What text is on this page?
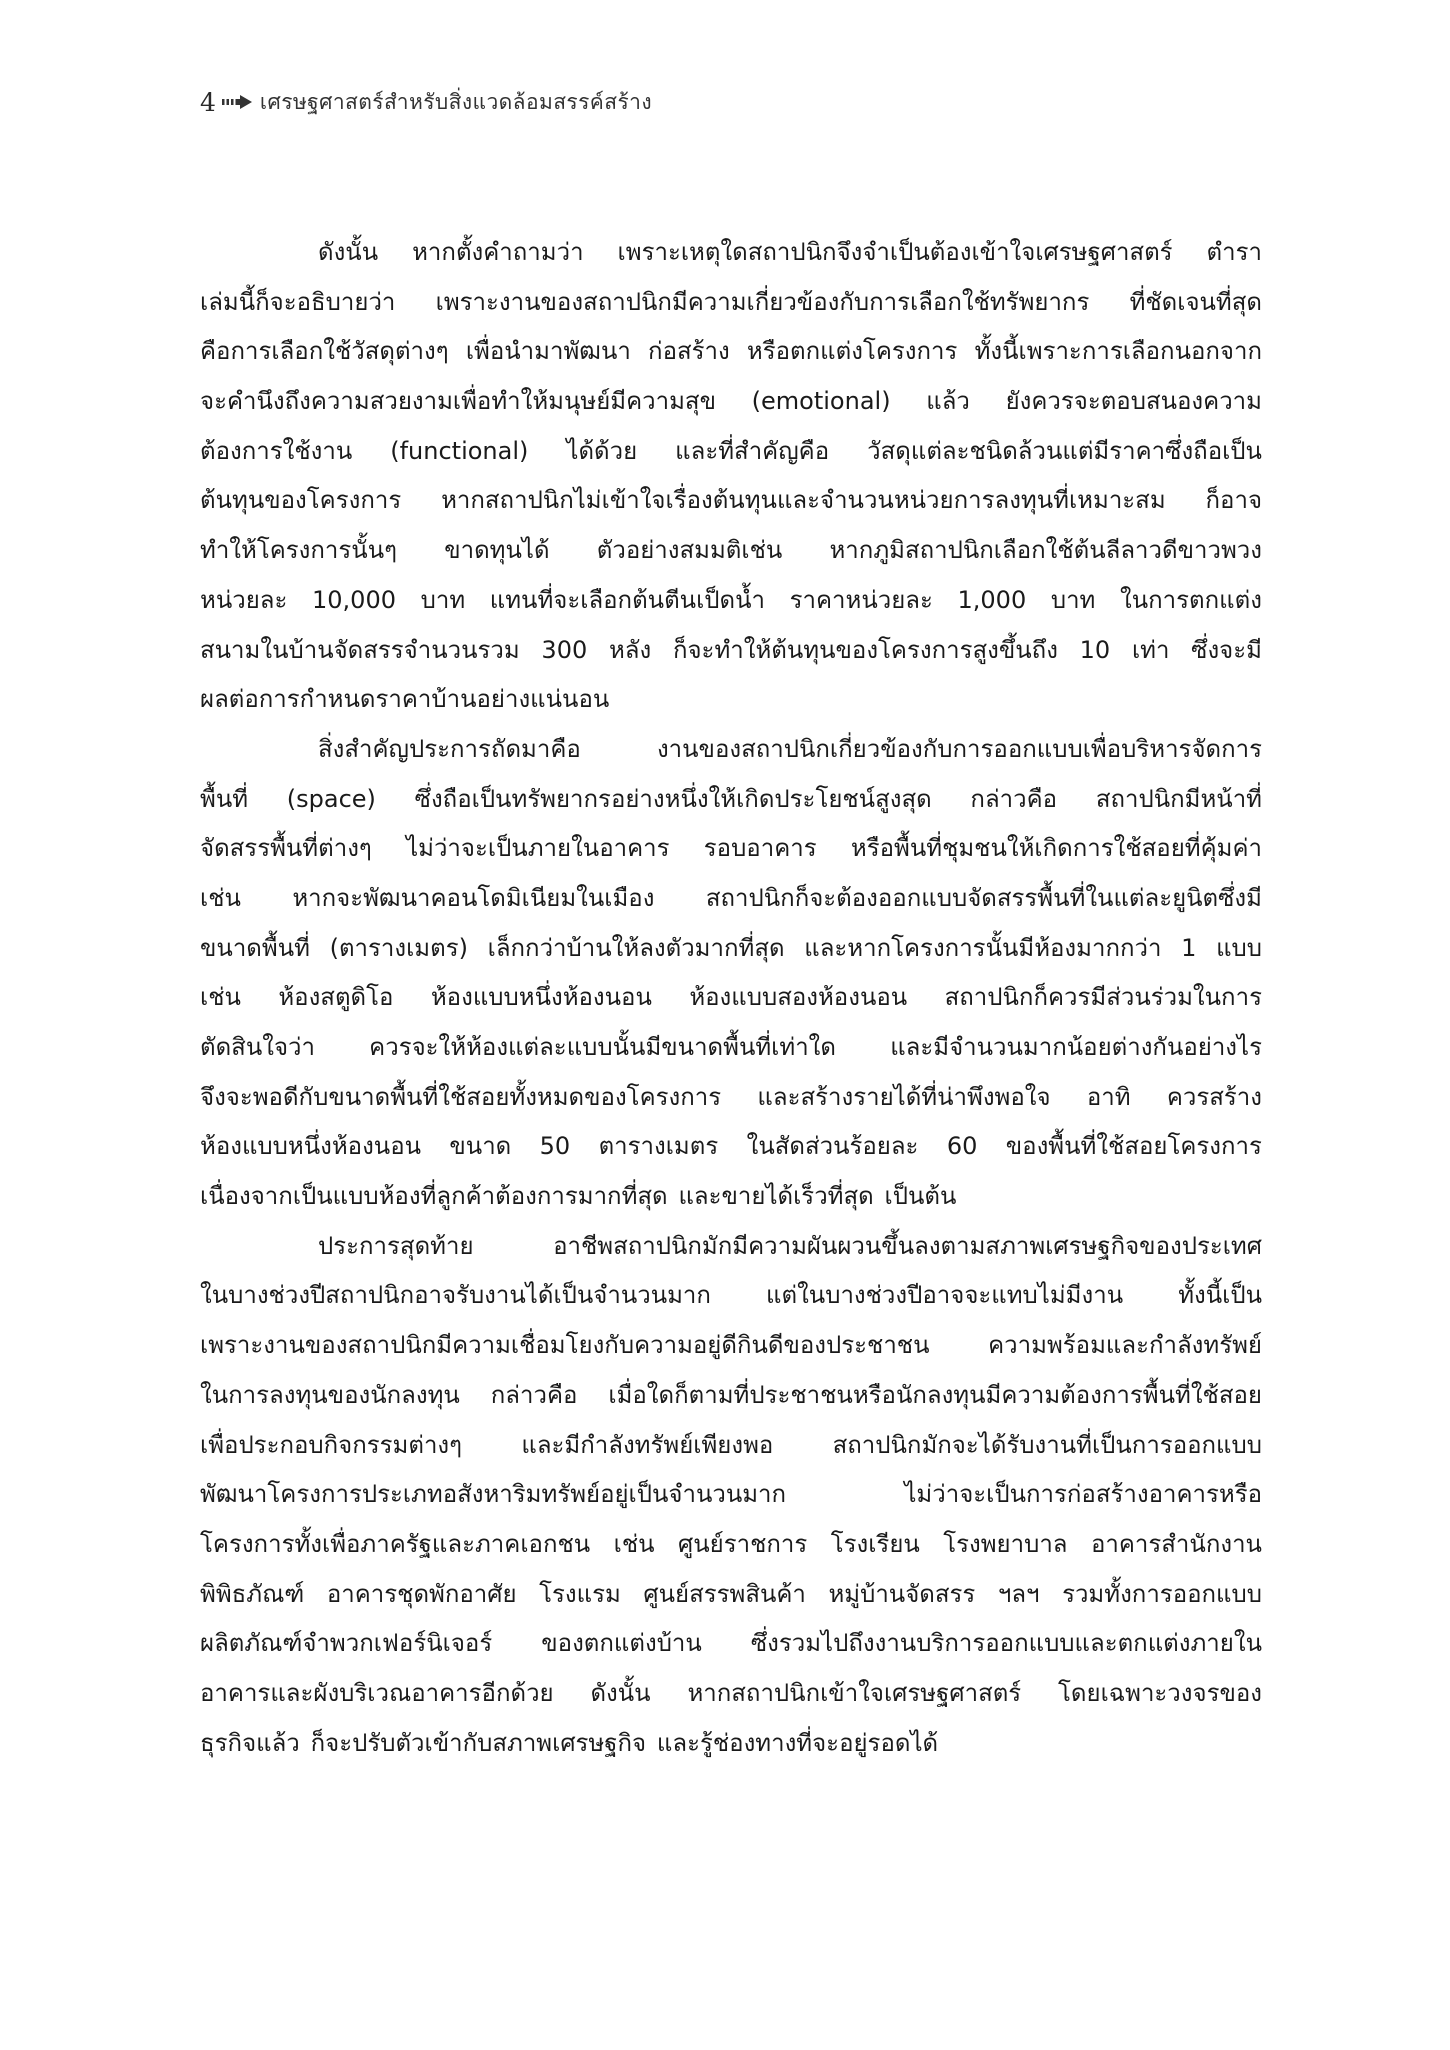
4 เศรษฐศาสตร์สำหรับสิ่งแวดล้อมสรรค์สร้าง
ดังนั้น หากตั้งคำถามว่า เพราะเหตุใดสถาปนิกจึงจำเป็นต้องเข้าใจเศรษฐศาสตร์ ตำรา
เล่มนี้ก็จะอธิบายว่า เพราะงานของสถาปนิกมีความเกี่ยวข้องกับการเลือกใช้ทรัพยากร ที่ชัดเจนที่สุด
คือการเลือกใช้วัสดุต่างๆ เพื่อนำมาพัฒนา ก่อสร้าง หรือตกแต่งโครงการ ทั้งนี้เพราะการเลือกนอกจาก
จะคำนึงถึงความสวยงามเพื่อทำให้มนุษย์มีความสุข (emotional) แล้ว ยังควรจะตอบสนองความ
ต้องการใช้งาน (functional) ได้ด้วย และที่สำคัญคือ วัสดุแต่ละชนิดล้วนแต่มีราคาซึ่งถือเป็น
ต้นทุนของโครงการ หากสถาปนิกไม่เข้าใจเรื่องต้นทุนและจำนวนหน่วยการลงทุนที่เหมาะสม ก็อาจ
ทำให้โครงการนั้นๆ ขาดทุนได้ ตัวอย่างสมมติเช่น หากภูมิสถาปนิกเลือกใช้ต้นลีลาวดีขาวพวง
หน่วยละ 10,000 บาท แทนที่จะเลือกต้นตีนเป็ดน้ำ ราคาหน่วยละ 1,000 บาท ในการตกแต่ง
สนามในบ้านจัดสรรจำนวนรวม 300 หลัง ก็จะทำให้ต้นทุนของโครงการสูงขึ้นถึง 10 เท่า ซึ่งจะมี
ผลต่อการกำหนดราคาบ้านอย่างแน่นอน
สิ่งสำคัญประการถัดมาคือ	งานของสถาปนิกเกี่ยวข้องกับการออกแบบเพื่อบริหารจัดการ
พื้นที่ (space) ซึ่งถือเป็นทรัพยากรอย่างหนึ่งให้เกิดประโยชน์สูงสุด กล่าวคือ สถาปนิกมีหน้าที่
จัดสรรพื้นที่ต่างๆ ไม่ว่าจะเป็นภายในอาคาร รอบอาคาร หรือพื้นที่ชุมชนให้เกิดการใช้สอยที่คุ้มค่า
เช่น หากจะพัฒนาคอนโดมิเนียมในเมือง สถาปนิกก็จะต้องออกแบบจัดสรรพื้นที่ในแต่ละยูนิตซึ่งมี
ขนาดพื้นที่ (ตารางเมตร) เล็กกว่าบ้านให้ลงตัวมากที่สุด และหากโครงการนั้นมีห้องมากกว่า 1 แบบ
เช่น ห้องสตูดิโอ ห้องแบบหนึ่งห้องนอน ห้องแบบสองห้องนอน สถาปนิกก็ควรมีส่วนร่วมในการ
ตัดสินใจว่า ควรจะให้ห้องแต่ละแบบนั้นมีขนาดพื้นที่เท่าใด และมีจำนวนมากน้อยต่างกันอย่างไร
จึงจะพอดีกับขนาดพื้นที่ใช้สอยทั้งหมดของโครงการ และสร้างรายได้ที่น่าพึงพอใจ อาทิ ควรสร้าง
ห้องแบบหนึ่งห้องนอน ขนาด 50 ตารางเมตร ในสัดส่วนร้อยละ 60 ของพื้นที่ใช้สอยโครงการ
เนื่องจากเป็นแบบห้องที่ลูกค้าต้องการมากที่สุด และขายได้เร็วที่สุด เป็นต้น
ประการสุดท้าย	อาชีพสถาปนิกมักมีความผันผวนขึ้นลงตามสภาพเศรษฐกิจของประเทศ
ในบางช่วงปีสถาปนิกอาจรับงานได้เป็นจำนวนมาก แต่ในบางช่วงปีอาจจะแทบไม่มีงาน ทั้งนี้เป็น
เพราะงานของสถาปนิกมีความเชื่อมโยงกับความอยู่ดีกินดีของประชาชน ความพร้อมและกำลังทรัพย์
ในการลงทุนของนักลงทุน กล่าวคือ เมื่อใดก็ตามที่ประชาชนหรือนักลงทุนมีความต้องการพื้นที่ใช้สอย
เพื่อประกอบกิจกรรมต่างๆ และมีกำลังทรัพย์เพียงพอ สถาปนิกมักจะได้รับงานที่เป็นการออกแบบ
พัฒนาโครงการประเภทอสังหาริมทรัพย์อยู่เป็นจำนวนมาก	ไม่ว่าจะเป็นการก่อสร้างอาคารหรือ
โครงการทั้งเพื่อภาครัฐและภาคเอกชน เช่น ศูนย์ราชการ โรงเรียน โรงพยาบาล อาคารสำนักงาน
พิพิธภัณฑ์ อาคารชุดพักอาศัย โรงแรม ศูนย์สรรพสินค้า หมู่บ้านจัดสรร ฯลฯ รวมทั้งการออกแบบ
ผลิตภัณฑ์จำพวกเฟอร์นิเจอร์ ของตกแต่งบ้าน ซึ่งรวมไปถึงงานบริการออกแบบและตกแต่งภายใน
อาคารและผังบริเวณอาคารอีกด้วย ดังนั้น หากสถาปนิกเข้าใจเศรษฐศาสตร์ โดยเฉพาะวงจรของ
ธุรกิจแล้ว ก็จะปรับตัวเข้ากับสภาพเศรษฐกิจ และรู้ช่องทางที่จะอยู่รอดได้
